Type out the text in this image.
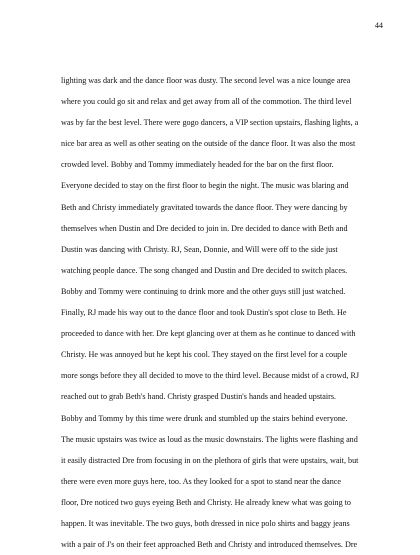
44
lighting was dark and the dance floor was dusty. The second level was a nice lounge area
where you could go sit and relax and get away from all of the commotion. The third level
was by far the best level. There were gogo dancers, a VIP section upstairs, flashing lights, a
nice bar area as well as other seating on the outside of the dance floor. It was also the most
crowded level. Bobby and Tommy immediately headed for the bar on the first floor.
Everyone decided to stay on the first floor to begin the night. The music was blaring and
Beth and Christy immediately gravitated towards the dance floor. They were dancing by
themselves when Dustin and Dre decided to join in. Dre decided to dance with Beth and
Dustin was dancing with Christy. RJ, Sean, Donnie, and Will were off to the side just
watching people dance. The song changed and Dustin and Dre decided to switch places.
Bobby and Tommy were continuing to drink more and the other guys still just watched.
Finally, RJ made his way out to the dance floor and took Dustin's spot close to Beth. He
proceeded to dance with her. Dre kept glancing over at them as he continue to danced with
Christy. He was annoyed but he kept his cool. They stayed on the first level for a couple
more songs before they all decided to move to the third level. Because midst of a crowd, RJ
reached out to grab Beth's hand. Christy grasped Dustin's hands and headed upstairs.
Bobby and Tommy by this time were drunk and stumbled up the stairs behind everyone.
The music upstairs was twice as loud as the music downstairs. The lights were flashing and
it easily distracted Dre from focusing in on the plethora of girls that were upstairs, wait, but
there were even more guys here, too. As they looked for a spot to stand near the dance
floor, Dre noticed two guys eyeing Beth and Christy. He already knew what was going to
happen. It was inevitable. The two guys, both dressed in nice polo shirts and baggy jeans
with a pair of J's on their feet approached Beth and Christy and introduced themselves. Dre
